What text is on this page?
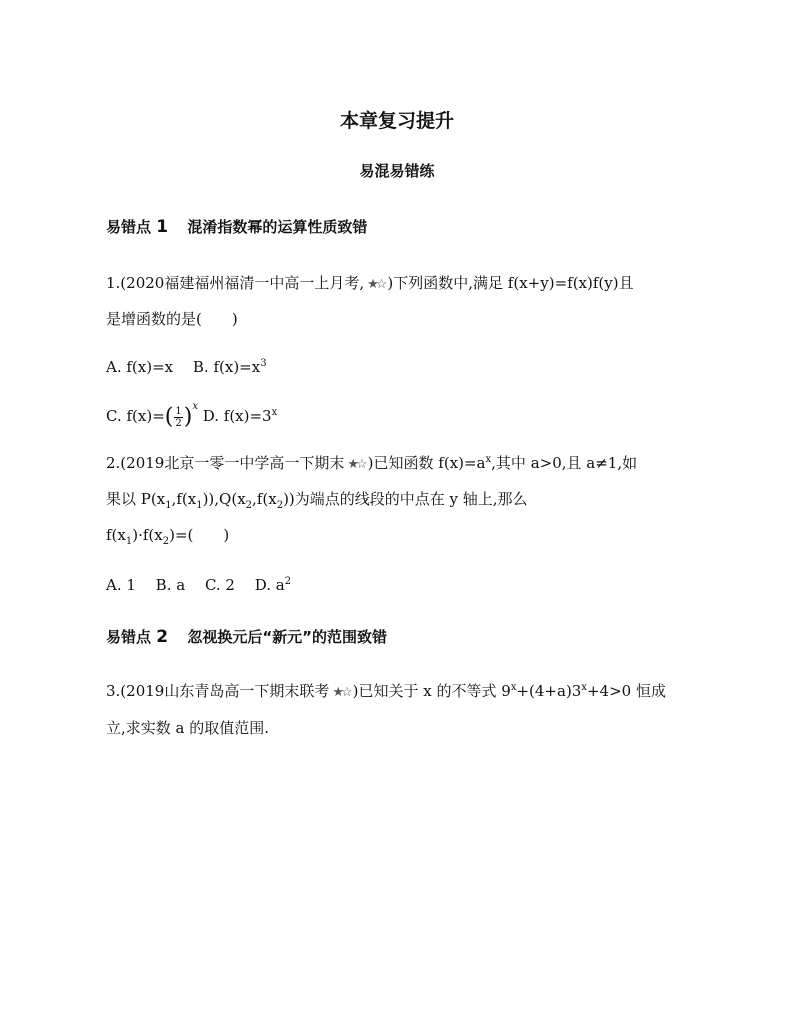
本章复习提升
易混易错练
易错点 1 混淆指数幂的运算性质致错
1.(2020福建福州福清一中高一上月考, ★☆ )下列函数中,满足 f(x+y)=f(x)f(y)且
是增函数的是(　　)
A. f(x)=x　 B. $f(x)=x^3$
C. $f(x)=( \frac{1}{2} )^x$ D. $f(x)=3^x$
2.(2019北京一零一中学高一下期末 ★☆ )已知函数 $f(x)=a^x$,其中 a>0,且 a≠1,如
果以 $P(x_1,f(x_1)),Q(x_2,f(x_2))$为端点的线段的中点在 y 轴上,那么
$f(x_1)\cdot f(x_2)=$(　　)
A. 1　 B. a　 C. 2　 D. $a^2$
易错点 2 忽视换元后“新元”的范围致错
3.(2019山东青岛高一下期末联考 ★☆ )已知关于 x 的不等式 $9^x+(4+a)3^x+4>0$ 恒成
立,求实数 a 的取值范围.
